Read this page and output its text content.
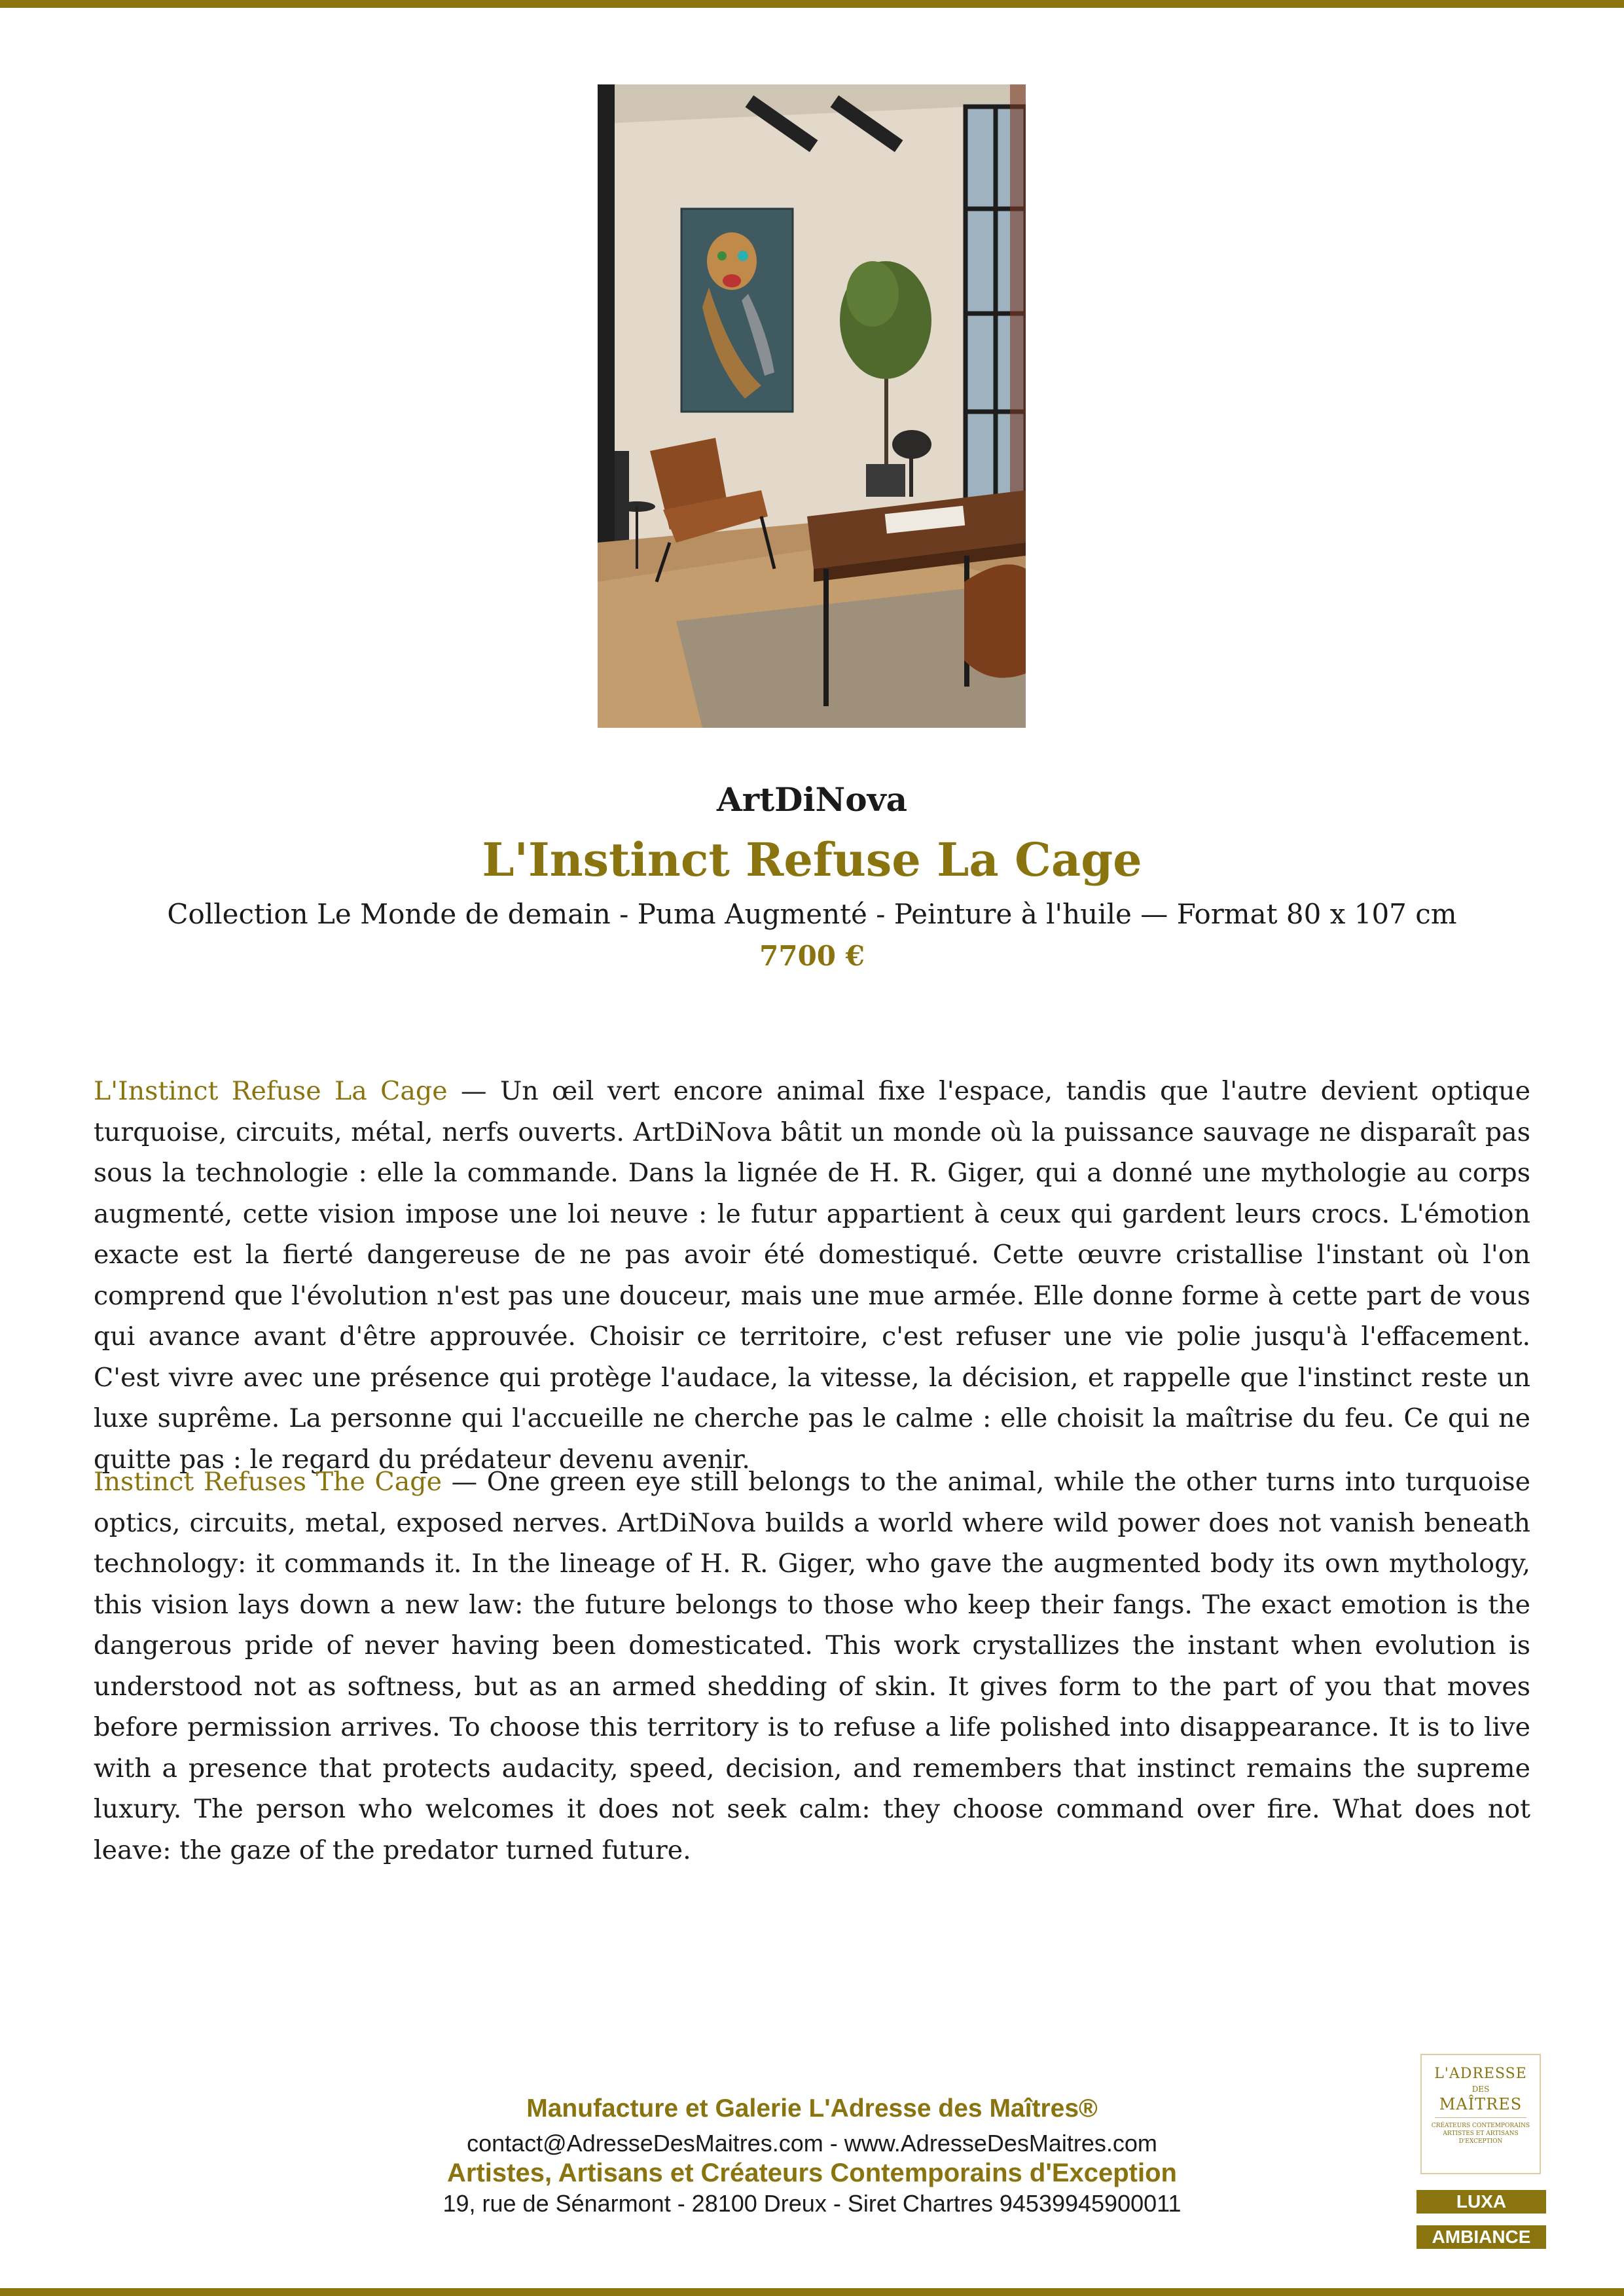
ArtDiNova
L'Instinct Refuse La Cage
Collection Le Monde de demain - Puma Augmenté - Peinture à l'huile — Format 80 x 107 cm
7700 €
L'Instinct Refuse La Cage — Un œil vert encore animal fixe l'espace, tandis que l'autre devient optique turquoise, circuits, métal, nerfs ouverts. ArtDiNova bâtit un monde où la puissance sauvage ne disparaît pas sous la technologie : elle la commande. Dans la lignée de H. R. Giger, qui a donné une mythologie au corps augmenté, cette vision impose une loi neuve : le futur appartient à ceux qui gardent leurs crocs. L'émotion exacte est la fierté dangereuse de ne pas avoir été domestiqué. Cette œuvre cristallise l'instant où l'on comprend que l'évolution n'est pas une douceur, mais une mue armée. Elle donne forme à cette part de vous qui avance avant d'être approuvée. Choisir ce territoire, c'est refuser une vie polie jusqu'à l'effacement. C'est vivre avec une présence qui protège l'audace, la vitesse, la décision, et rappelle que l'instinct reste un luxe suprême. La personne qui l'accueille ne cherche pas le calme : elle choisit la maîtrise du feu. Ce qui ne quitte pas : le regard du prédateur devenu avenir.
Instinct Refuses The Cage — One green eye still belongs to the animal, while the other turns into turquoise optics, circuits, metal, exposed nerves. ArtDiNova builds a world where wild power does not vanish beneath technology: it commands it. In the lineage of H. R. Giger, who gave the augmented body its own mythology, this vision lays down a new law: the future belongs to those who keep their fangs. The exact emotion is the dangerous pride of never having been domesticated. This work crystallizes the instant when evolution is understood not as softness, but as an armed shedding of skin. It gives form to the part of you that moves before permission arrives. To choose this territory is to refuse a life polished into disappearance. It is to live with a presence that protects audacity, speed, decision, and remembers that instinct remains the supreme luxury. The person who welcomes it does not seek calm: they choose command over fire. What does not leave: the gaze of the predator turned future.
Manufacture et Galerie L'Adresse des Maîtres®
contact@AdresseDesMaitres.com - www.AdresseDesMaitres.com
Artistes, Artisans et Créateurs Contemporains d'Exception
19, rue de Sénarmont - 28100 Dreux - Siret Chartres 94539945900011
L'ADRESSE
DES
MAÎTRES
CRÉATEURS CONTEMPORAINS ARTISTES ET ARTISANS D'EXCEPTION
LUXA
AMBIANCE
